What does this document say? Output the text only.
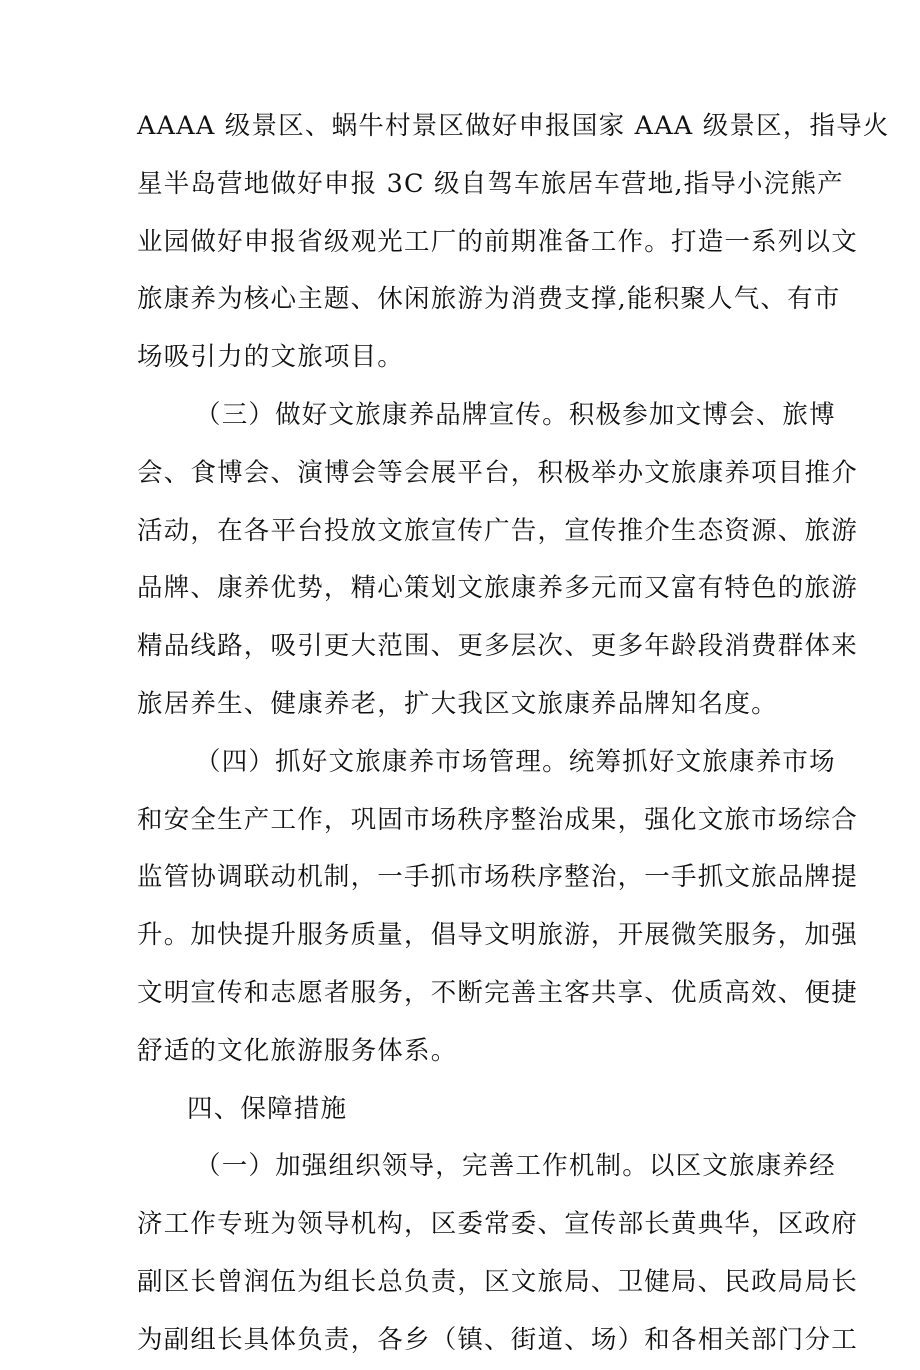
AAAA 级景区、蜗牛村景区做好申报国家 AAA 级景区，指导火
星半岛营地做好申报 3C 级自驾车旅居车营地,指导小浣熊产
业园做好申报省级观光工厂的前期准备工作。打造一系列以文
旅康养为核心主题、休闲旅游为消费支撑,能积聚人气、有市
场吸引力的文旅项目。
（三）做好文旅康养品牌宣传。积极参加文博会、旅博
会、食博会、演博会等会展平台，积极举办文旅康养项目推介
活动，在各平台投放文旅宣传广告，宣传推介生态资源、旅游
品牌、康养优势，精心策划文旅康养多元而又富有特色的旅游
精品线路，吸引更大范围、更多层次、更多年龄段消费群体来
旅居养生、健康养老，扩大我区文旅康养品牌知名度。
（四）抓好文旅康养市场管理。统筹抓好文旅康养市场
和安全生产工作，巩固市场秩序整治成果，强化文旅市场综合
监管协调联动机制，一手抓市场秩序整治，一手抓文旅品牌提
升。加快提升服务质量，倡导文明旅游，开展微笑服务，加强
文明宣传和志愿者服务，不断完善主客共享、优质高效、便捷
舒适的文化旅游服务体系。
四、保障措施
（一）加强组织领导，完善工作机制。以区文旅康养经
济工作专班为领导机构，区委常委、宣传部长黄典华，区政府
副区长曾润伍为组长总负责，区文旅局、卫健局、民政局局长
为副组长具体负责，各乡（镇、街道、场）和各相关部门分工
